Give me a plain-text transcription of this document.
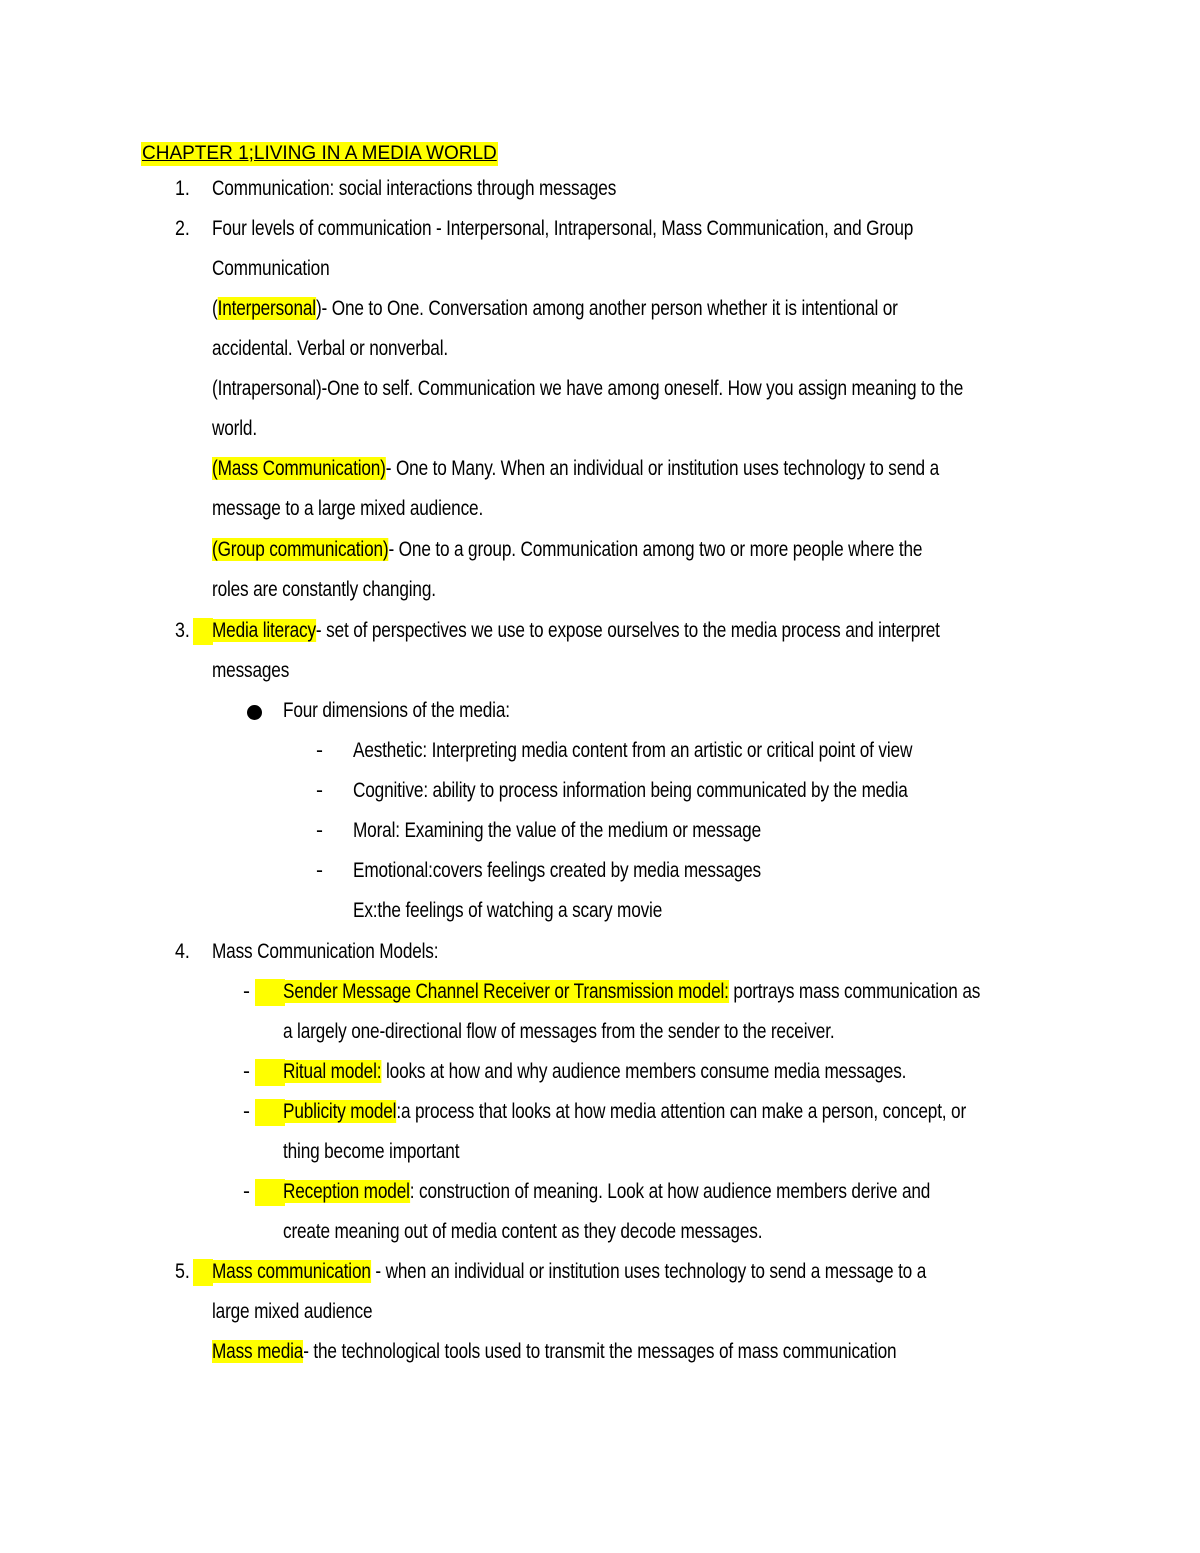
CHAPTER 1;LIVING IN A MEDIA WORLD
1. Communication: social interactions through messages
2. Four levels of communication - Interpersonal, Intrapersonal, Mass Communication, and Group
Communication
(Interpersonal)- One to One. Conversation among another person whether it is intentional or
accidental. Verbal or nonverbal.
(Intrapersonal)-One to self. Communication we have among oneself. How you assign meaning to the
world.
(Mass Communication)- One to Many. When an individual or institution uses technology to send a
message to a large mixed audience.
(Group communication)- One to a group. Communication among two or more people where the
roles are constantly changing.
3. Media literacy- set of perspectives we use to expose ourselves to the media process and interpret
messages
Four dimensions of the media:
- Aesthetic: Interpreting media content from an artistic or critical point of view
- Cognitive: ability to process information being communicated by the media
- Moral: Examining the value of the medium or message
- Emotional:covers feelings created by media messages
Ex:the feelings of watching a scary movie
4. Mass Communication Models:
- Sender Message Channel Receiver or Transmission model: portrays mass communication as
a largely one-directional flow of messages from the sender to the receiver.
- Ritual model: looks at how and why audience members consume media messages.
- Publicity model:a process that looks at how media attention can make a person, concept, or
thing become important
- Reception model: construction of meaning. Look at how audience members derive and
create meaning out of media content as they decode messages.
5. Mass communication - when an individual or institution uses technology to send a message to a
large mixed audience
Mass media- the technological tools used to transmit the messages of mass communication
